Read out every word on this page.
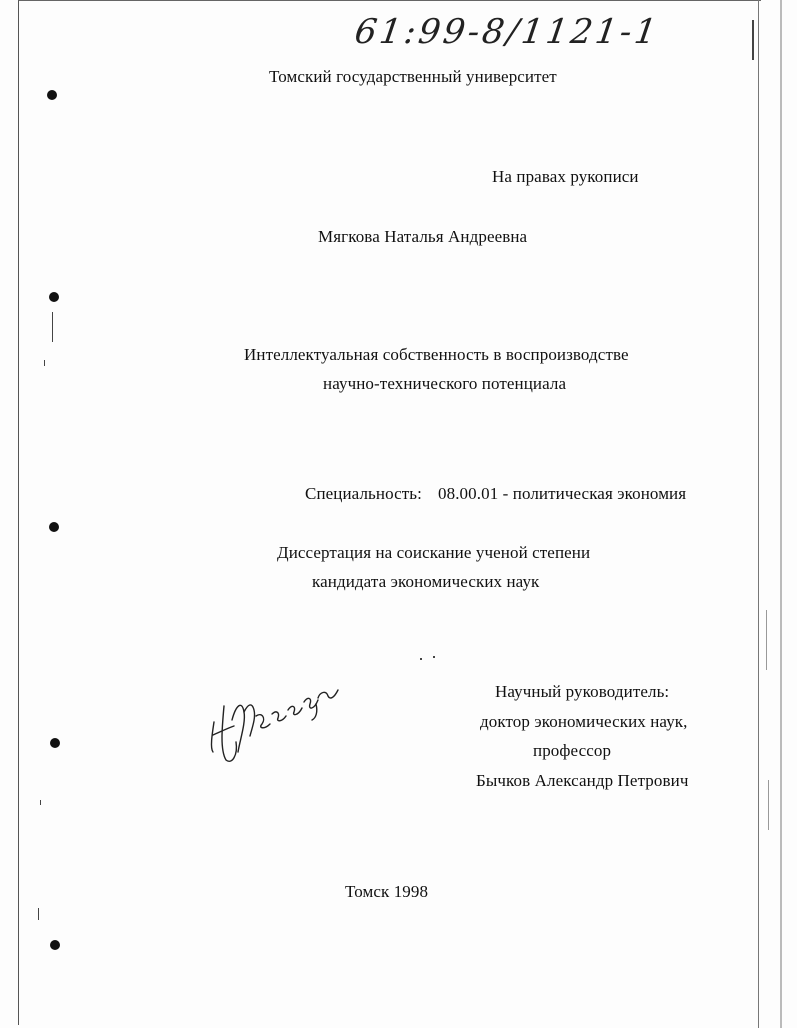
61:99-8/1121-1
Томский государственный университет
На правах рукописи
Мягкова Наталья Андреевна
Интеллектуальная собственность в воспроизводстве
научно-технического потенциала
Специальность: 08.00.01 - политическая экономия
Диссертация на соискание ученой степени
кандидата экономических наук
Научный руководитель:
доктор экономических наук,
профессор
Бычков Александр Петрович
Томск 1998
